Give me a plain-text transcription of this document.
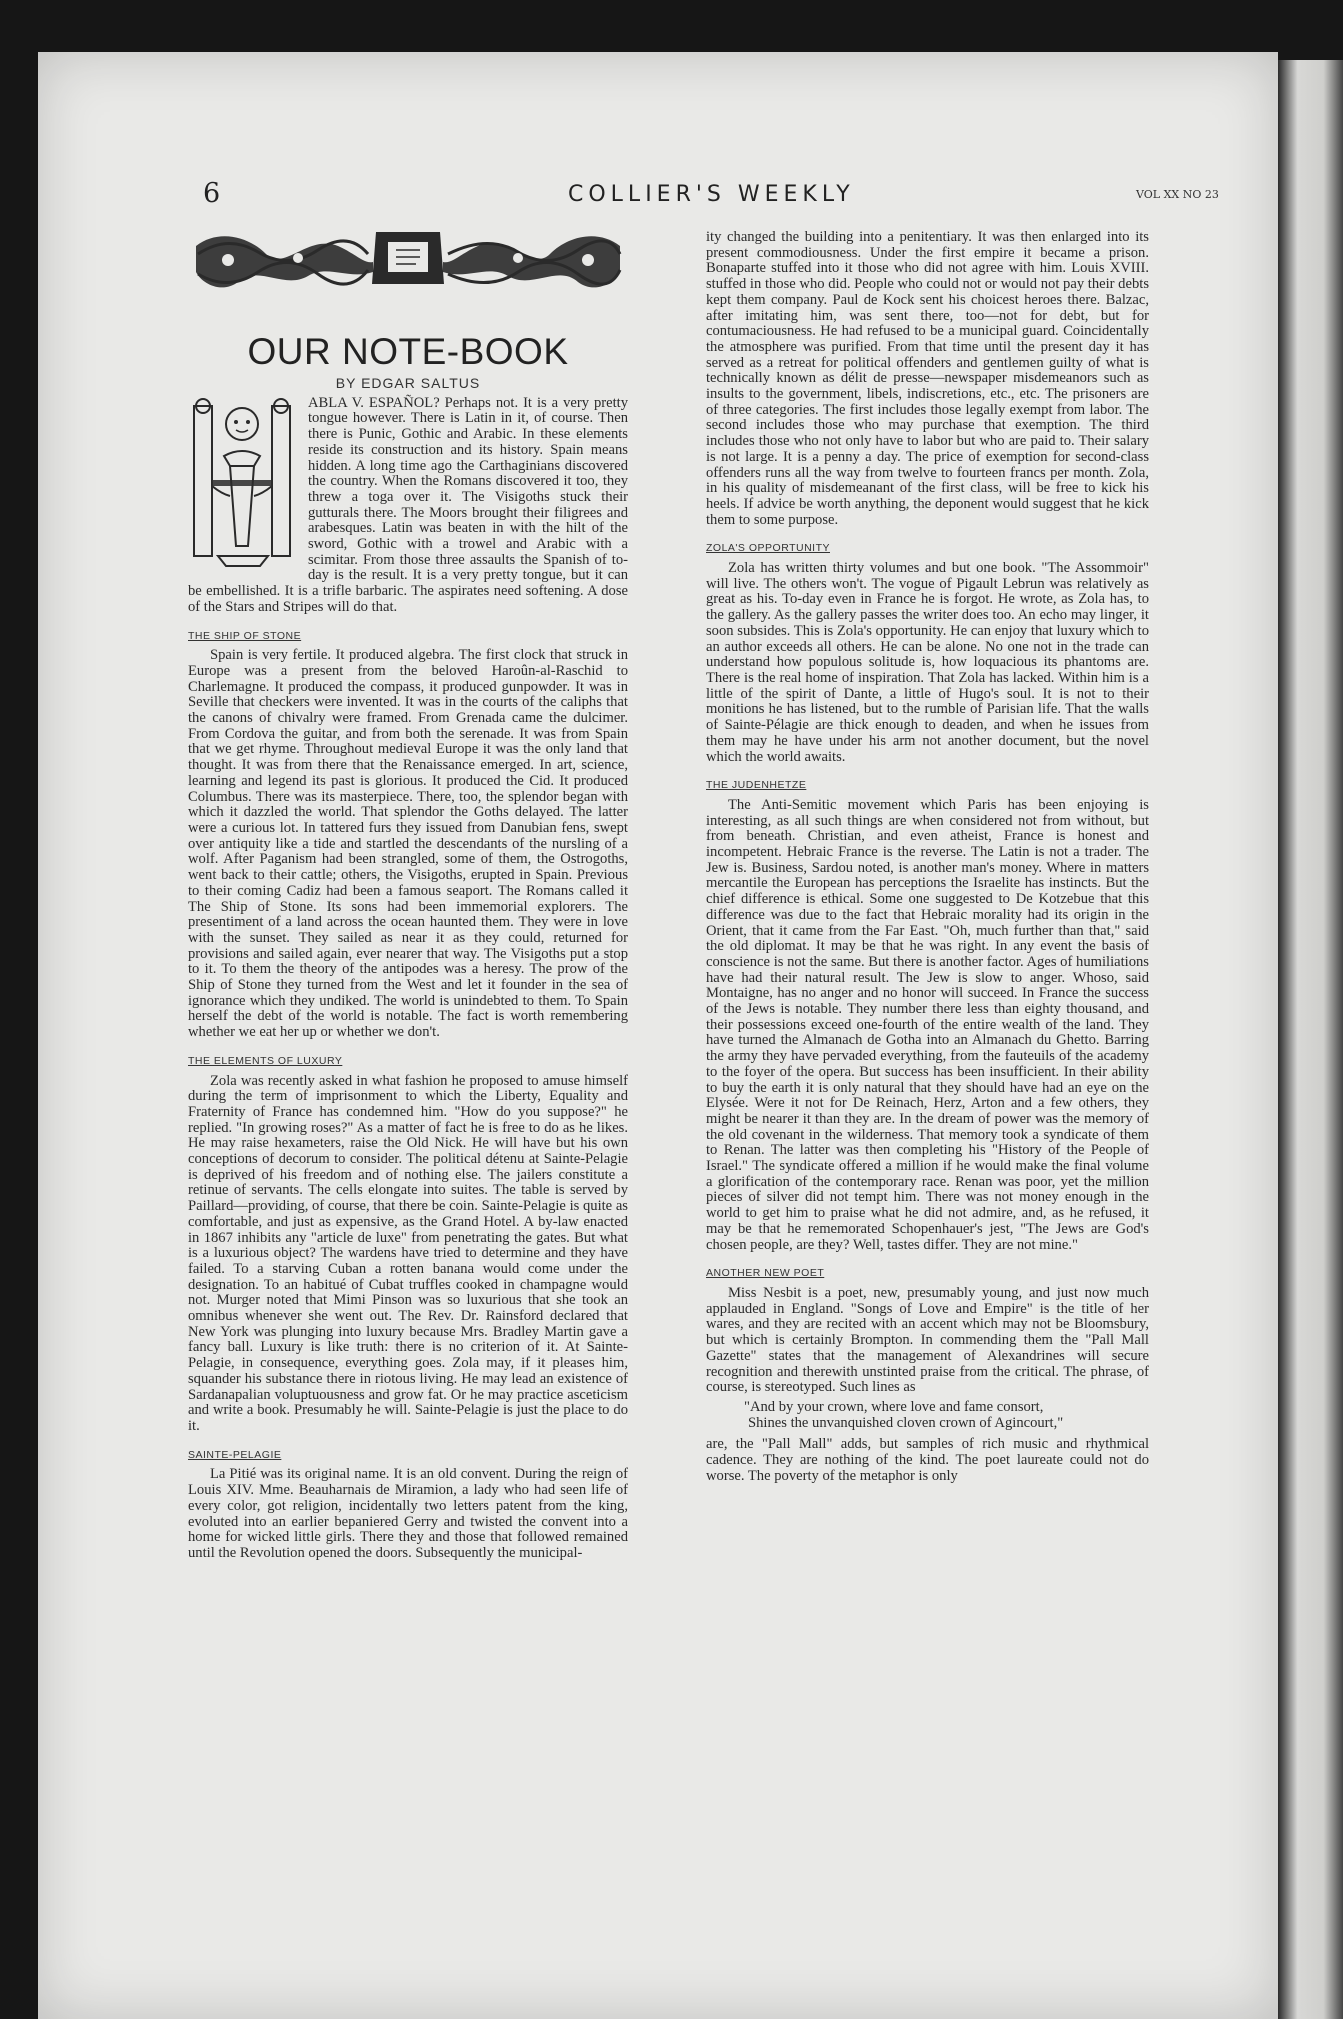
6	COLLIER'S WEEKLY	VOL XX NO 23
OUR NOTE-BOOK
BY EDGAR SALTUS

ABLA V. ESPAÑOL? Perhaps not. It is a very pretty tongue however. There is Latin in it, of course. Then there is Punic, Gothic and Arabic. In these elements reside its construction and its history. Spain means hidden. A long time ago the Carthaginians discovered the country. When the Romans discovered it too, they threw a toga over it. The Visigoths stuck their gutturals there. The Moors brought their filigrees and arabesques. Latin was beaten in with the hilt of the sword, Gothic with a trowel and Arabic with a scimitar. From those three assaults the Spanish of to-day is the result. It is a very pretty tongue, but it can be embellished. It is a trifle barbaric. The aspirates need softening. A dose of the Stars and Stripes will do that.

THE SHIP OF STONE

Spain is very fertile. It produced algebra. The first clock that struck in Europe was a present from the beloved Haroûn-al-Raschid to Charlemagne. It produced the compass, it produced gunpowder. It was in Seville that checkers were invented. It was in the courts of the caliphs that the canons of chivalry were framed. From Grenada came the dulcimer. From Cordova the guitar, and from both the serenade. It was from Spain that we get rhyme. Throughout medieval Europe it was the only land that thought. It was from there that the Renaissance emerged. In art, science, learning and legend its past is glorious. It produced the Cid. It produced Columbus. There was its masterpiece. There, too, the splendor began with which it dazzled the world. That splendor the Goths delayed. The latter were a curious lot. In tattered furs they issued from Danubian fens, swept over antiquity like a tide and startled the descendants of the nursling of a wolf. After Paganism had been strangled, some of them, the Ostrogoths, went back to their cattle; others, the Visigoths, erupted in Spain. Previous to their coming Cadiz had been a famous seaport. The Romans called it The Ship of Stone. Its sons had been immemorial explorers. The presentiment of a land across the ocean haunted them. They were in love with the sunset. They sailed as near it as they could, returned for provisions and sailed again, ever nearer that way. The Visigoths put a stop to it. To them the theory of the antipodes was a heresy. The prow of the Ship of Stone they turned from the West and let it founder in the sea of ignorance which they undiked. The world is unindebted to them. To Spain herself the debt of the world is notable. The fact is worth remembering whether we eat her up or whether we don't.

THE ELEMENTS OF LUXURY

Zola was recently asked in what fashion he proposed to amuse himself during the term of imprisonment to which the Liberty, Equality and Fraternity of France has condemned him. "How do you suppose?" he replied. "In growing roses?" As a matter of fact he is free to do as he likes. He may raise hexameters, raise the Old Nick. He will have but his own conceptions of decorum to consider. The political détenu at Sainte-Pelagie is deprived of his freedom and of nothing else. The jailers constitute a retinue of servants. The cells elongate into suites. The table is served by Paillard—providing, of course, that there be coin. Sainte-Pelagie is quite as comfortable, and just as expensive, as the Grand Hotel. A by-law enacted in 1867 inhibits any "article de luxe" from penetrating the gates. But what is a luxurious object? The wardens have tried to determine and they have failed. To a starving Cuban a rotten banana would come under the designation. To an habitué of Cubat truffles cooked in champagne would not. Murger noted that Mimi Pinson was so luxurious that she took an omnibus whenever she went out. The Rev. Dr. Rainsford declared that New York was plunging into luxury because Mrs. Bradley Martin gave a fancy ball. Luxury is like truth: there is no criterion of it. At Sainte-Pelagie, in consequence, everything goes. Zola may, if it pleases him, squander his substance there in riotous living. He may lead an existence of Sardanapalian voluptuousness and grow fat. Or he may practice asceticism and write a book. Presumably he will. Sainte-Pelagie is just the place to do it.

SAINTE-PELAGIE

La Pitié was its original name. It is an old convent. During the reign of Louis XIV. Mme. Beauharnais de Miramion, a lady who had seen life of every color, got religion, incidentally two letters patent from the king, evoluted into an earlier bepaniered Gerry and twisted the convent into a home for wicked little girls. There they and those that followed remained until the Revolution opened the doors. Subsequently the municipal-

ity changed the building into a penitentiary. It was then enlarged into its present commodiousness. Under the first empire it became a prison. Bonaparte stuffed into it those who did not agree with him. Louis XVIII. stuffed in those who did. People who could not or would not pay their debts kept them company. Paul de Kock sent his choicest heroes there. Balzac, after imitating him, was sent there, too—not for debt, but for contumaciousness. He had refused to be a municipal guard. Coincidentally the atmosphere was purified. From that time until the present day it has served as a retreat for political offenders and gentlemen guilty of what is technically known as délit de presse—newspaper misdemeanors such as insults to the government, libels, indiscretions, etc., etc. The prisoners are of three categories. The first includes those legally exempt from labor. The second includes those who may purchase that exemption. The third includes those who not only have to labor but who are paid to. Their salary is not large. It is a penny a day. The price of exemption for second-class offenders runs all the way from twelve to fourteen francs per month. Zola, in his quality of misdemeanant of the first class, will be free to kick his heels. If advice be worth anything, the deponent would suggest that he kick them to some purpose.

ZOLA'S OPPORTUNITY

Zola has written thirty volumes and but one book. "The Assommoir" will live. The others won't. The vogue of Pigault Lebrun was relatively as great as his. To-day even in France he is forgot. He wrote, as Zola has, to the gallery. As the gallery passes the writer does too. An echo may linger, it soon subsides. This is Zola's opportunity. He can enjoy that luxury which to an author exceeds all others. He can be alone. No one not in the trade can understand how populous solitude is, how loquacious its phantoms are. There is the real home of inspiration. That Zola has lacked. Within him is a little of the spirit of Dante, a little of Hugo's soul. It is not to their monitions he has listened, but to the rumble of Parisian life. That the walls of Sainte-Pélagie are thick enough to deaden, and when he issues from them may he have under his arm not another document, but the novel which the world awaits.

THE JUDENHETZE

The Anti-Semitic movement which Paris has been enjoying is interesting, as all such things are when considered not from without, but from beneath. Christian, and even atheist, France is honest and incompetent. Hebraic France is the reverse. The Latin is not a trader. The Jew is. Business, Sardou noted, is another man's money. Where in matters mercantile the European has perceptions the Israelite has instincts. But the chief difference is ethical. Some one suggested to De Kotzebue that this difference was due to the fact that Hebraic morality had its origin in the Orient, that it came from the Far East. "Oh, much further than that," said the old diplomat. It may be that he was right. In any event the basis of conscience is not the same. But there is another factor. Ages of humiliations have had their natural result. The Jew is slow to anger. Whoso, said Montaigne, has no anger and no honor will succeed. In France the success of the Jews is notable. They number there less than eighty thousand, and their possessions exceed one-fourth of the entire wealth of the land. They have turned the Almanach de Gotha into an Almanach du Ghetto. Barring the army they have pervaded everything, from the fauteuils of the academy to the foyer of the opera. But success has been insufficient. In their ability to buy the earth it is only natural that they should have had an eye on the Elysée. Were it not for De Reinach, Herz, Arton and a few others, they might be nearer it than they are. In the dream of power was the memory of the old covenant in the wilderness. That memory took a syndicate of them to Renan. The latter was then completing his "History of the People of Israel." The syndicate offered a million if he would make the final volume a glorification of the contemporary race. Renan was poor, yet the million pieces of silver did not tempt him. There was not money enough in the world to get him to praise what he did not admire, and, as he refused, it may be that he rememorated Schopenhauer's jest, "The Jews are God's chosen people, are they? Well, tastes differ. They are not mine."

ANOTHER NEW POET

Miss Nesbit is a poet, new, presumably young, and just now much applauded in England. "Songs of Love and Empire" is the title of her wares, and they are recited with an accent which may not be Bloomsbury, but which is certainly Brompton. In commending them the "Pall Mall Gazette" states that the management of Alexandrines will secure recognition and therewith unstinted praise from the critical. The phrase, of course, is stereotyped. Such lines as

"And by your crown, where love and fame consort,
Shines the unvanquished cloven crown of Agincourt,"

are, the "Pall Mall" adds, but samples of rich music and rhythmical cadence. They are nothing of the kind. The poet laureate could not do worse. The poverty of the metaphor is only
